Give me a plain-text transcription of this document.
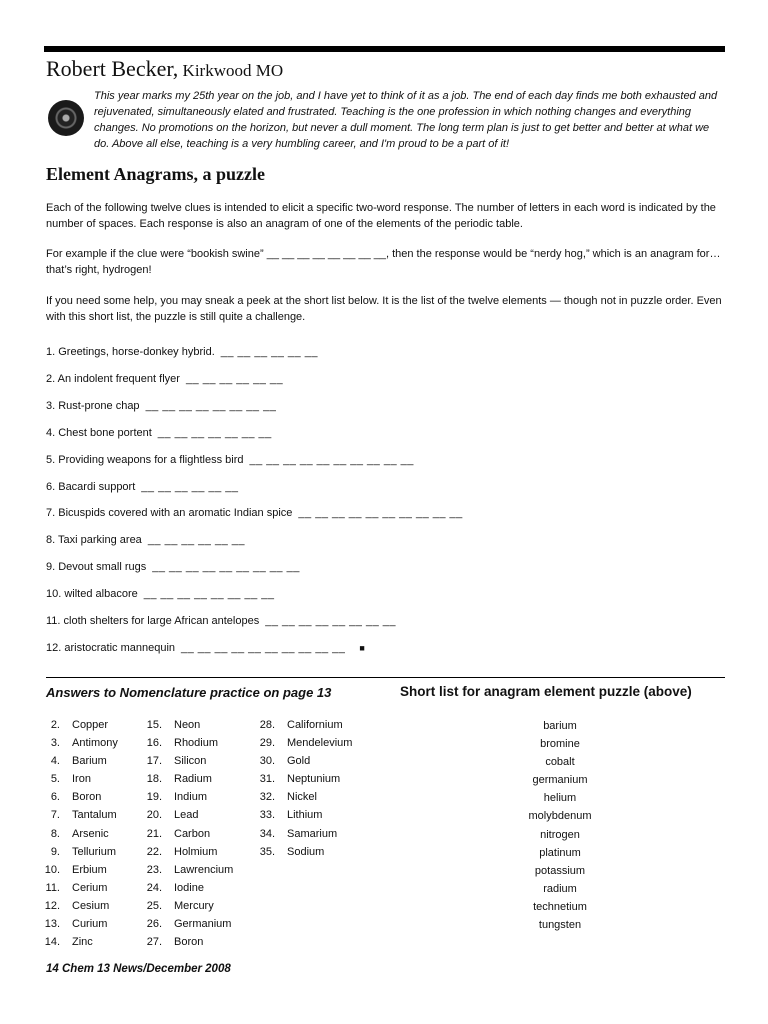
Robert Becker, Kirkwood MO

This year marks my 25th year on the job, and I have yet to think of it as a job. The end of each day finds me both exhausted and rejuvenated, simultaneously elated and frustrated. Teaching is the one profession in which nothing changes and everything changes. No promotions on the horizon, but never a dull moment. The long term plan is just to get better and better at what we do. Above all else, teaching is a very humbling career, and I'm proud to be a part of it!

Element Anagrams, a puzzle

Each of the following twelve clues is intended to elicit a specific two-word response. The number of letters in each word is indicated by the number of spaces. Each response is also an anagram of one of the elements of the periodic table.

For example if the clue were “bookish swine” __ __ __ __ __ __ __ __, then the response would be “nerdy hog,” which is an anagram for… that’s right, hydrogen!

If you need some help, you may sneak a peek at the short list below. It is the list of the twelve elements — though not in puzzle order. Even with this short list, the puzzle is still quite a challenge.

1. Greetings, horse-donkey hybrid. __ __ __ __ __ __
2. An indolent frequent flyer __ __ __ __ __ __
3. Rust-prone chap __ __ __ __ __ __ __ __
4. Chest bone portent __ __ __ __ __ __ __
5. Providing weapons for a flightless bird __ __ __ __ __ __ __ __ __ __
6. Bacardi support __ __ __ __ __ __
7. Bicuspids covered with an aromatic Indian spice __ __ __ __ __ __ __ __ __ __
8. Taxi parking area __ __ __ __ __ __
9. Devout small rugs __ __ __ __ __ __ __ __ __
10. wilted albacore __ __ __ __ __ __ __ __
11. cloth shelters for large African antelopes __ __ __ __ __ __ __ __
12. aristocratic mannequin __ __ __ __ __ __ __ __ __ __ ■
Answers to Nomenclature practice on page 13	Short list for anagram element puzzle (above)
2. Copper
3. Antimony
4. Barium
5. Iron
6. Boron
7. Tantalum
8. Arsenic
9. Tellurium
10. Erbium
11. Cerium
12. Cesium
13. Curium
14. Zinc
15. Neon
16. Rhodium
17. Silicon
18. Radium
19. Indium
20. Lead
21. Carbon
22. Holmium
23. Lawrencium
24. Iodine
25. Mercury
26. Germanium
27. Boron
28. Californium
29. Mendelevium
30. Gold
31. Neptunium
32. Nickel
33. Lithium
34. Samarium
35. Sodium
barium
bromine
cobalt
germanium
helium
molybdenum
nitrogen
platinum
potassium
radium
technetium
tungsten
14 Chem 13 News/December 2008
